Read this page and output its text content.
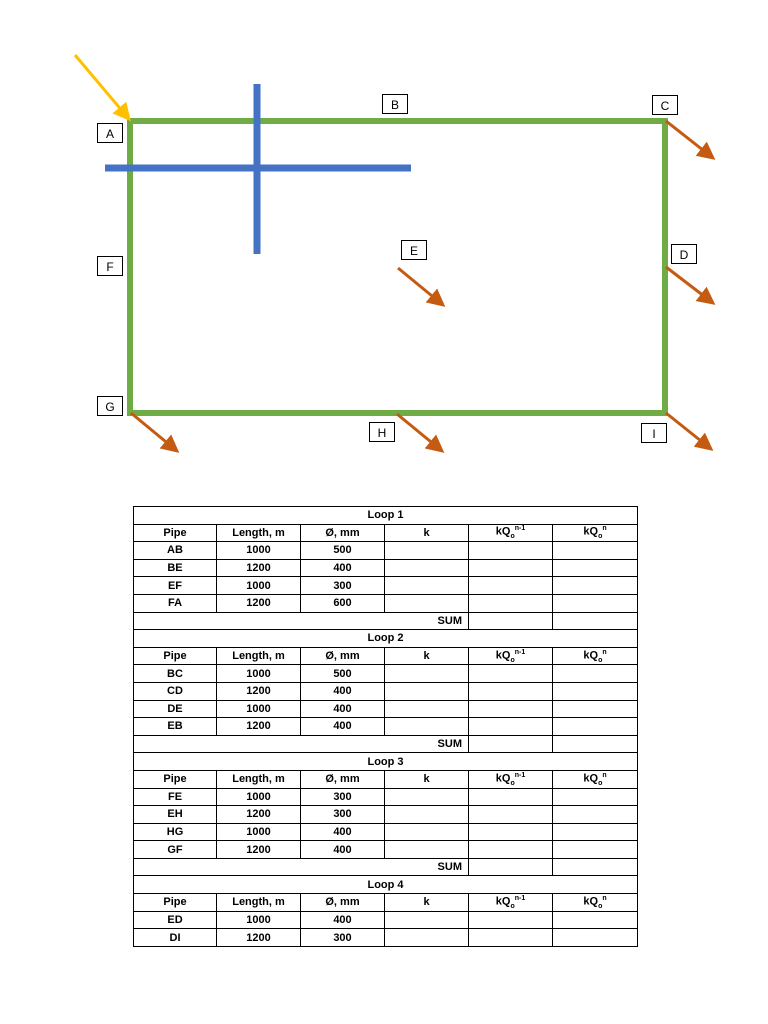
A
B	C
D
E
F
G
H	I
Loop 1					
Pipe	Length, m	Ø, mm	k	$kQ_o^{n-1}$	$kQ_o^n$
AB	1000	500			
BE	1200	400			
EF	1000	300			
FA	1200	600			
SUM					
Loop 2					
Pipe	Length, m	Ø, mm	k	$kQ_o^{n-1}$	$kQ_o^n$
BC	1000	500			
CD	1200	400			
DE	1000	400			
EB	1200	400			
SUM					
Loop 3					
Pipe	Length, m	Ø, mm	k	$kQ_o^{n-1}$	$kQ_o^n$
FE	1000	300			
EH	1200	300			
HG	1000	400			
GF	1200	400			
SUM					
Loop 4					
Pipe	Length, m	Ø, mm	k	$kQ_o^{n-1}$	$kQ_o^n$
ED	1000	400			
DI	1200	300			
